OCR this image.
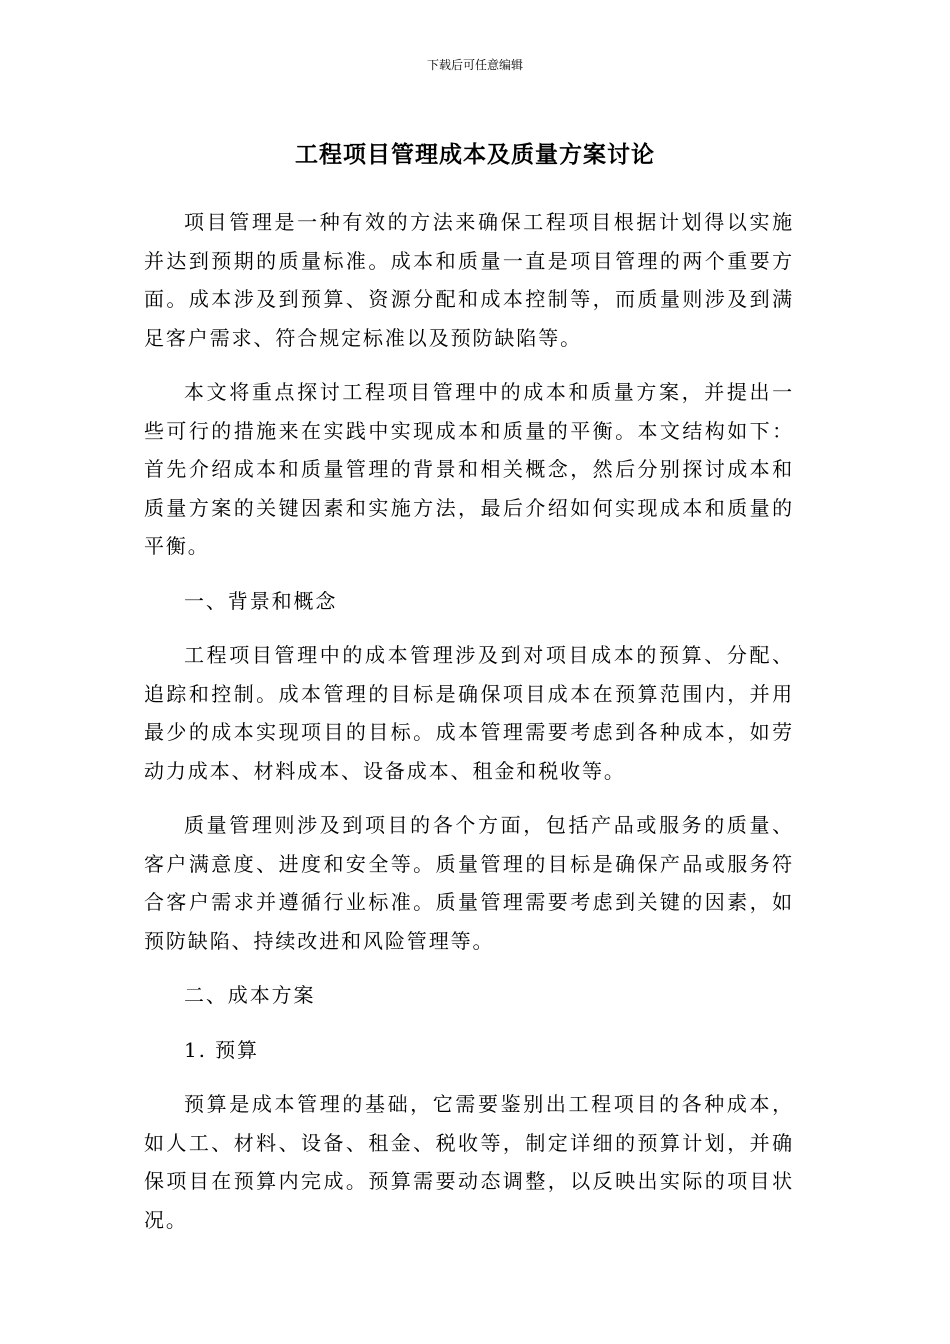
下载后可任意编辑
工程项目管理成本及质量方案讨论

项目管理是一种有效的方法来确保工程项目根据计划得以实施并达到预期的质量标准。成本和质量一直是项目管理的两个重要方面。成本涉及到预算、资源分配和成本控制等，而质量则涉及到满足客户需求、符合规定标准以及预防缺陷等。

本文将重点探讨工程项目管理中的成本和质量方案，并提出一些可行的措施来在实践中实现成本和质量的平衡。本文结构如下：首先介绍成本和质量管理的背景和相关概念，然后分别探讨成本和质量方案的关键因素和实施方法，最后介绍如何实现成本和质量的平衡。

一、背景和概念

工程项目管理中的成本管理涉及到对项目成本的预算、分配、追踪和控制。成本管理的目标是确保项目成本在预算范围内，并用最少的成本实现项目的目标。成本管理需要考虑到各种成本，如劳动力成本、材料成本、设备成本、租金和税收等。

质量管理则涉及到项目的各个方面，包括产品或服务的质量、客户满意度、进度和安全等。质量管理的目标是确保产品或服务符合客户需求并遵循行业标准。质量管理需要考虑到关键的因素，如预防缺陷、持续改进和风险管理等。

二、成本方案

1. 预算

预算是成本管理的基础，它需要鉴别出工程项目的各种成本，如人工、材料、设备、租金、税收等，制定详细的预算计划，并确保项目在预算内完成。预算需要动态调整，以反映出实际的项目状况。
